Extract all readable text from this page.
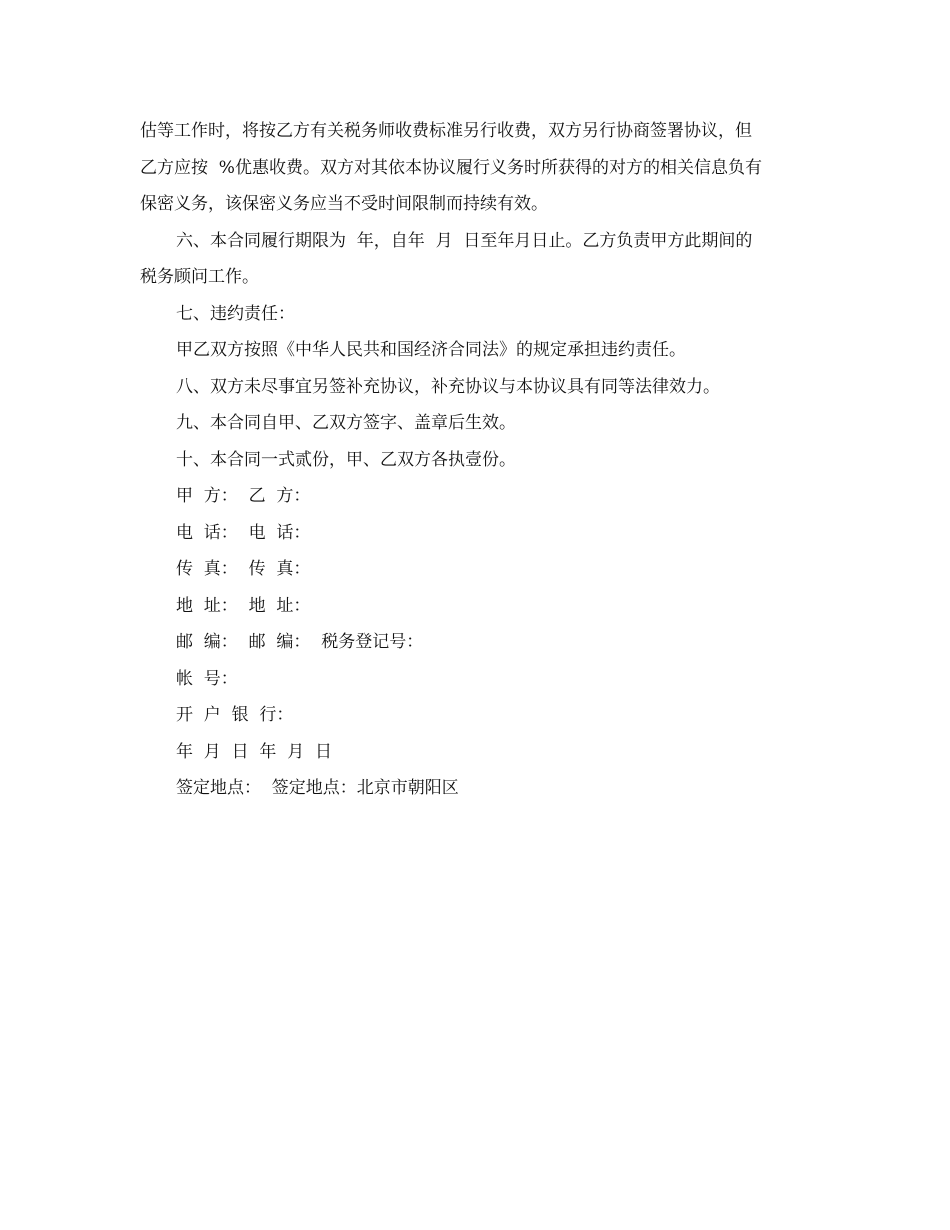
估等工作时，将按乙方有关税务师收费标准另行收费，双方另行协商签署协议，但
乙方应按  %优惠收费。双方对其依本协议履行义务时所获得的对方的相关信息负有
保密义务，该保密义务应当不受时间限制而持续有效。
六、本合同履行期限为  年，自年  月  日至年月日止。乙方负责甲方此期间的
税务顾问工作。

七、违约责任：

甲乙双方按照《中华人民共和国经济合同法》的规定承担违约责任。

八、双方未尽事宜另签补充协议，补充协议与本协议具有同等法律效力。

九、本合同自甲、乙双方签字、盖章后生效。

十、本合同一式贰份，甲、乙双方各执壹份。

甲  方：  乙  方：

电  话：  电  话：

传  真：  传  真：

地  址：  地  址：

邮  编：  邮  编：  税务登记号：

帐  号：

开  户  银  行：

年  月  日  年  月  日

签定地点：  签定地点：北京市朝阳区
